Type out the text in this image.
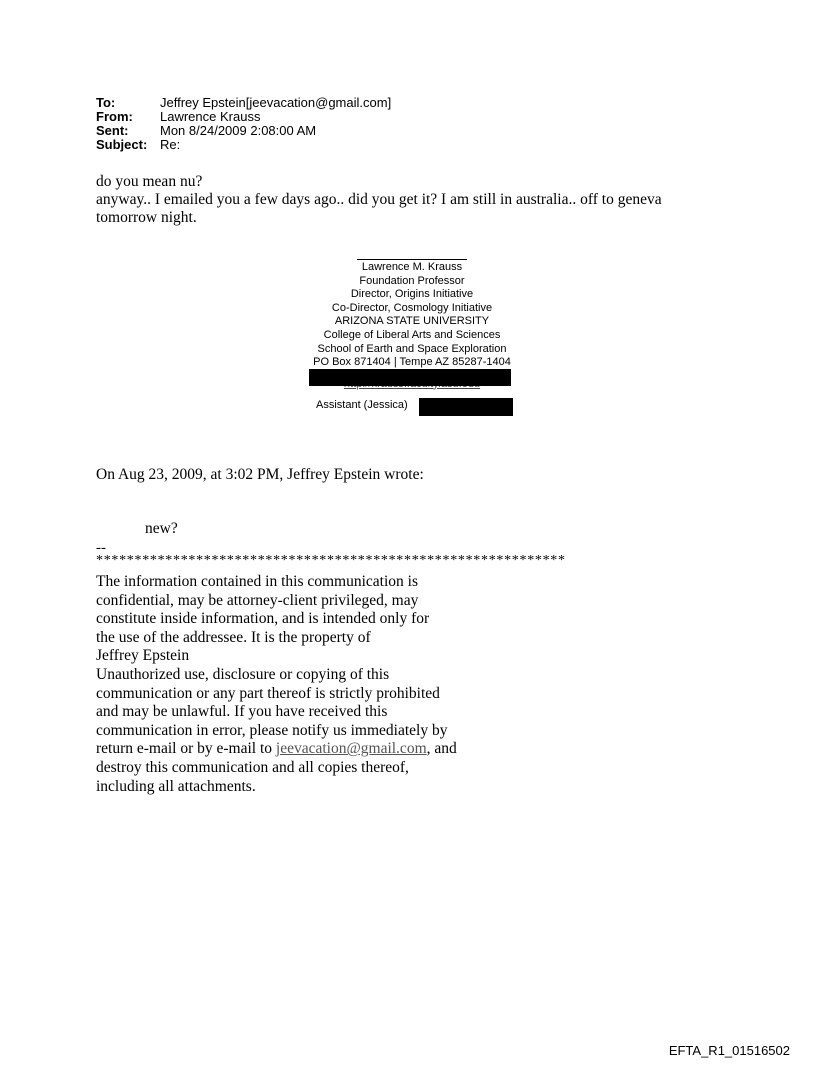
To:	Jeffrey Epstein[jeevacation@gmail.com]
From:	Lawrence Krauss
Sent:	Mon 8/24/2009 2:08:00 AM
Subject: Re:

do you mean nu?

anyway.. I emailed you a few days ago.. did you get it? I am still in australia.. off to geneva tomorrow night.

Lawrence M. Krauss
Foundation Professor
Director, Origins Initiative
Co-Director, Cosmology Initiative
ARIZONA STATE UNIVERSITY
College of Liberal Arts and Sciences
School of Earth and Space Exploration
PO Box 871404 | Tempe AZ 85287-1404
Assistant (Jessica)
On Aug 23, 2009, at 3:02 PM, Jeffrey Epstein wrote:
new?
--
*************************************************************
The information contained in this communication is
confidential, may be attorney-client privileged, may
constitute inside information, and is intended only for
the use of the addressee. It is the property of
Jeffrey Epstein
Unauthorized use, disclosure or copying of this
communication or any part thereof is strictly prohibited
and may be unlawful. If you have received this
communication in error, please notify us immediately by
return e-mail or by e-mail to jeevacation@gmail.com, and
destroy this communication and all copies thereof,
including all attachments.
EFTA_R1_01516502
